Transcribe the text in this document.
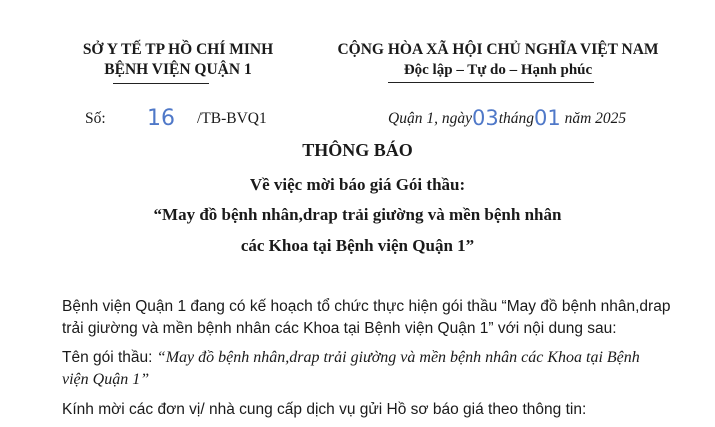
SỞ Y TẾ TP HỒ CHÍ MINH
BỆNH VIỆN QUẬN 1
CỘNG HÒA XÃ HỘI CHỦ NGHĨA VIỆT NAM
Độc lập – Tự do – Hạnh phúc
Số: 16 /TB-BVQ1	Quận 1, ngày03tháng01 năm 2025
THÔNG BÁO
Về việc mời báo giá Gói thầu:
“May đồ bệnh nhân,drap trải giường và mền bệnh nhân
các Khoa tại Bệnh viện Quận 1”
Bệnh viện Quận 1 đang có kế hoạch tổ chức thực hiện gói thầu “May đồ bệnh nhân,drap
trải giường và mền bệnh nhân các Khoa tại Bệnh viện Quận 1” với nội dung sau:
Tên gói thầu: “May đồ bệnh nhân,drap trải giường và mền bệnh nhân các Khoa tại Bệnh
viện Quận 1”
Kính mời các đơn vị/ nhà cung cấp dịch vụ gửi Hồ sơ báo giá theo thông tin:
